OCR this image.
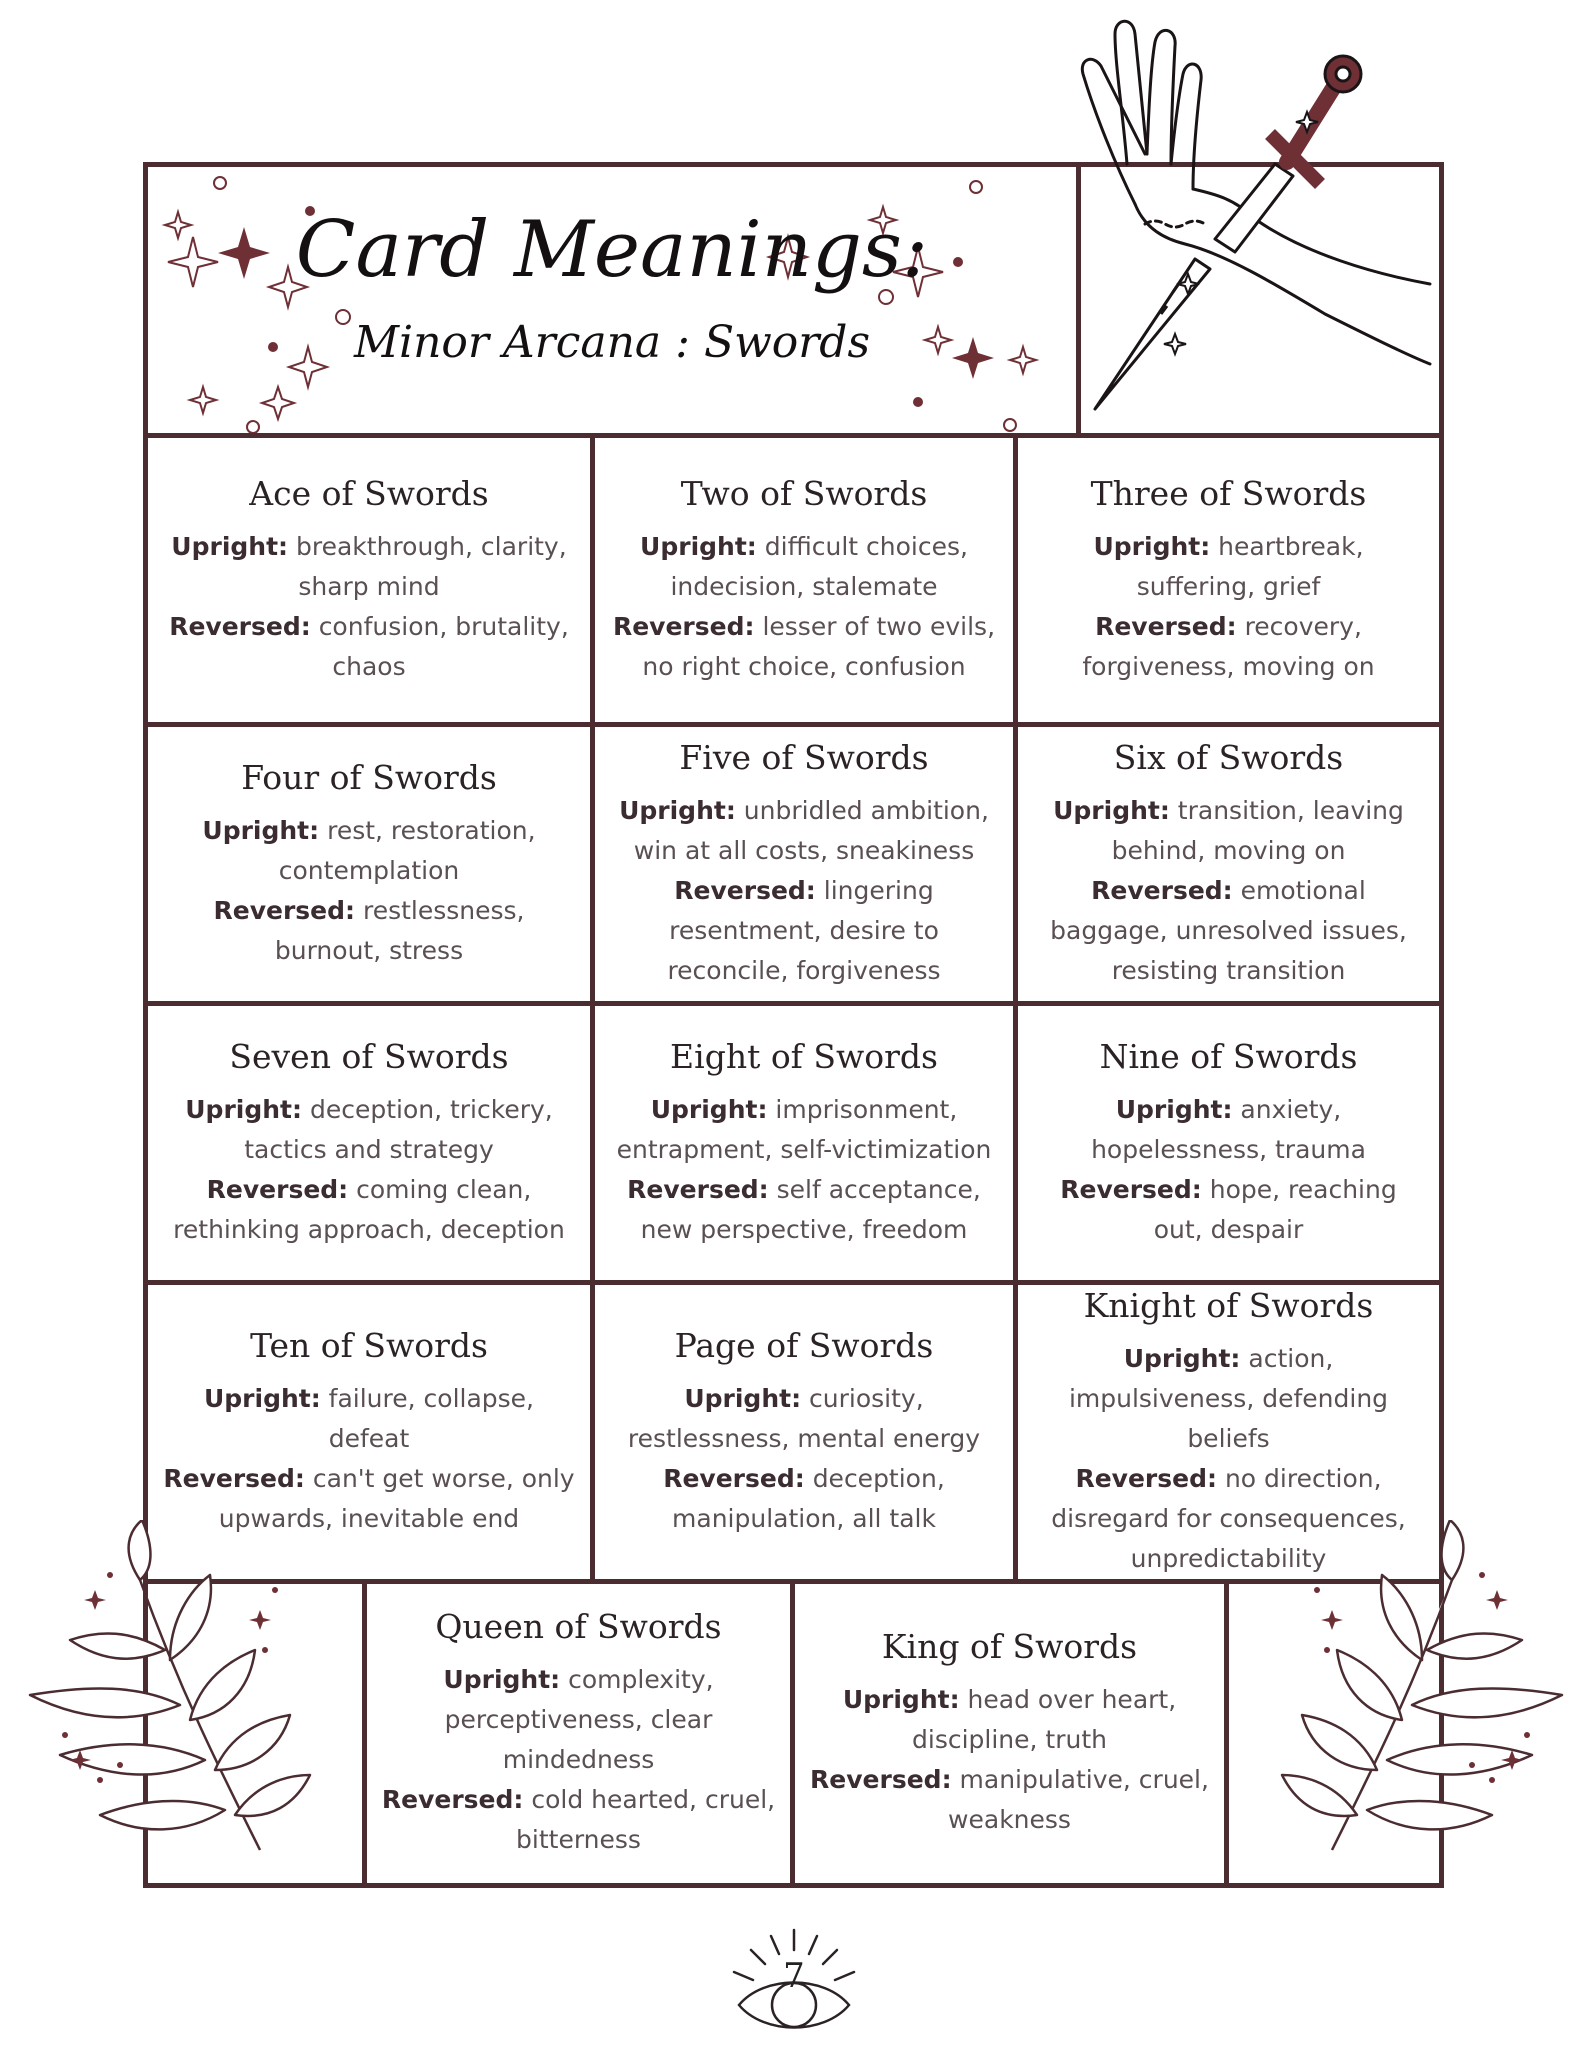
Card Meanings:
Minor Arcana : Swords
Ace of Swords
Upright: breakthrough, clarity, sharp mind
Reversed: confusion, brutality, chaos
Two of Swords
Upright: difficult choices, indecision, stalemate
Reversed: lesser of two evils, no right choice, confusion
Three of Swords
Upright: heartbreak, suffering, grief
Reversed: recovery, forgiveness, moving on
Four of Swords
Upright: rest, restoration, contemplation
Reversed: restlessness, burnout, stress
Five of Swords
Upright: unbridled ambition, win at all costs, sneakiness
Reversed: lingering resentment, desire to reconcile, forgiveness
Six of Swords
Upright: transition, leaving behind, moving on
Reversed: emotional baggage, unresolved issues, resisting transition
Seven of Swords
Upright: deception, trickery, tactics and strategy
Reversed: coming clean, rethinking approach, deception
Eight of Swords
Upright: imprisonment, entrapment, self-victimization
Reversed: self acceptance, new perspective, freedom
Nine of Swords
Upright: anxiety, hopelessness, trauma
Reversed: hope, reaching out, despair
Ten of Swords
Upright: failure, collapse, defeat
Reversed: can't get worse, only upwards, inevitable end
Page of Swords
Upright: curiosity, restlessness, mental energy
Reversed: deception, manipulation, all talk
Knight of Swords
Upright: action, impulsiveness, defending beliefs
Reversed: no direction, disregard for consequences, unpredictability
Queen of Swords
Upright: complexity, perceptiveness, clear mindedness
Reversed: cold hearted, cruel, bitterness
King of Swords
Upright: head over heart, discipline, truth
Reversed: manipulative, cruel, weakness
7
